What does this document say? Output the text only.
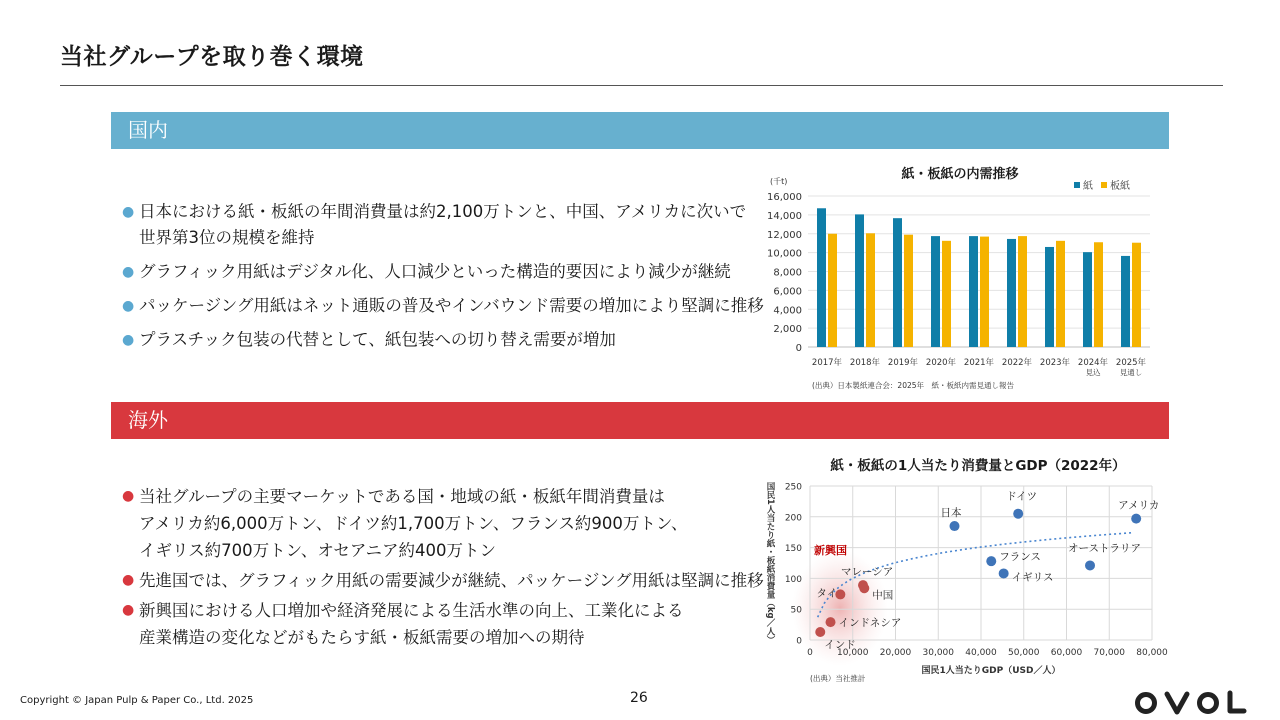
当社グループを取り巻く環境
国内
● 日本における紙・板紙の年間消費量は約2,100万トンと、中国、アメリカに次いで
世界第3位の規模を維持
● グラフィック用紙はデジタル化、人口減少といった構造的要因により減少が継続
● パッケージング用紙はネット通販の普及やインバウンド需要の増加により堅調に推移
● プラスチック包装の代替として、紙包装への切り替え需要が増加
紙・板紙の内需推移
(千t)	紙 板紙
0
2,000
4,000
6,000
8,000
10,000
12,000
14,000
16,000
2017年 2018年 2019年 2020年 2021年 2022年 2023年 2024年
見込
2025年
見通し
(出典）日本製紙連合会：2025年　紙・板紙内需見通し報告
海外
● 当社グループの主要マーケットである国・地域の紙・板紙年間消費量は
アメリカ約6,000万トン、ドイツ約1,700万トン、フランス約900万トン、
イギリス約700万トン、オセアニア約400万トン
● 先進国では、グラフィック用紙の需要減少が継続、パッケージング用紙は堅調に推移
● 新興国における人口増加や経済発展による生活水準の向上、工業化による
産業構造の変化などがもたらす紙・板紙需要の増加への期待
紙・板紙の1人当たり消費量とGDP（2022年）
0
50
100
150
200
250
0	10,000 20,000 30,000 40,000 50,000 60,000 70,000 80,000
日本
ドイツ
アメリカ
フランス
イギリス
オーストラリア
マレーシア
中国
タイ
インドネシア
インド
新興国
国民1人当たり紙・板紙消費量（kg／人）
国民1人当たりGDP（USD／人）
(出典）当社推計
Copyright © Japan Pulp & Paper Co., Ltd. 2025	26
